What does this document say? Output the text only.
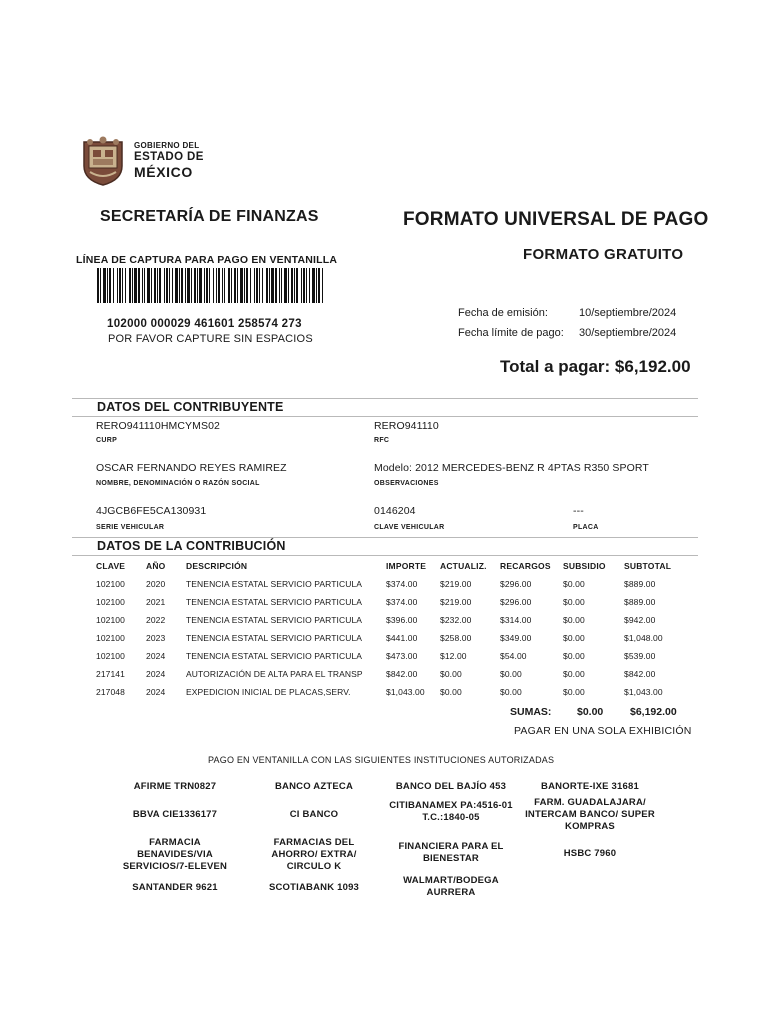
GOBIERNO DEL
ESTADO DE
MÉXICO
SECRETARÍA DE FINANZAS	FORMATO UNIVERSAL DE PAGO
FORMATO GRATUITO
LÍNEA DE CAPTURA PARA PAGO EN VENTANILLA
102000 000029 461601 258574 273
POR FAVOR CAPTURE SIN ESPACIOS
Fecha de emisión:	10/septiembre/2024
Fecha límite de pago: 30/septiembre/2024
Total a pagar: $6,192.00
DATOS DEL CONTRIBUYENTE
RERO941110HMCYMS02
CURP
RERO941110
RFC
OSCAR FERNANDO REYES RAMIREZ
NOMBRE, DENOMINACIÓN O RAZÓN SOCIAL
Modelo: 2012 MERCEDES-BENZ R 4PTAS R350 SPORT
OBSERVACIONES
4JGCB6FE5CA130931
SERIE VEHICULAR
0146204
CLAVE VEHICULAR
---
PLACA
DATOS DE LA CONTRIBUCIÓN
CLAVE AÑO DESCRIPCIÓN	IMPORTE ACTUALIZ. RECARGOS SUBSIDIO SUBTOTAL
102100 2020 TENENCIA ESTATAL SERVICIO PARTICULA	$374.00	$219.00	$296.00	$0.00	$889.00
102100 2021 TENENCIA ESTATAL SERVICIO PARTICULA	$374.00	$219.00	$296.00	$0.00	$889.00
102100 2022 TENENCIA ESTATAL SERVICIO PARTICULA	$396.00	$232.00	$314.00	$0.00	$942.00
102100 2023 TENENCIA ESTATAL SERVICIO PARTICULA	$441.00	$258.00	$349.00	$0.00	$1,048.00
102100 2024 TENENCIA ESTATAL SERVICIO PARTICULA	$473.00	$12.00	$54.00	$0.00	$539.00
217141 2024 AUTORIZACIÓN DE ALTA PARA EL TRANSP	$842.00	$0.00	$0.00	$0.00	$842.00
217048 2024 EXPEDICION INICIAL DE PLACAS,SERV.	$1,043.00 $0.00	$0.00	$0.00	$1,043.00
SUMAS: $0.00	$6,192.00
PAGAR EN UNA SOLA EXHIBICIÓN
PAGO EN VENTANILLA CON LAS SIGUIENTES INSTITUCIONES AUTORIZADAS
AFIRME TRN0827	BANCO AZTECA	BANCO DEL BAJÍO 453	BANORTE-IXE 31681
BBVA CIE1336177	CI BANCO
CITIBANAMEX PA:4516-01 T.C.:1840-05
FARM. GUADALAJARA/ INTERCAM BANCO/ SUPER KOMPRAS
FARMACIA BENAVIDES/VIA SERVICIOS/7-ELEVEN
FARMACIAS DEL AHORRO/ EXTRA/ CIRCULO K
FINANCIERA PARA EL BIENESTAR	HSBC 7960
SANTANDER 9621	SCOTIABANK 1093
WALMART/BODEGA AURRERA
